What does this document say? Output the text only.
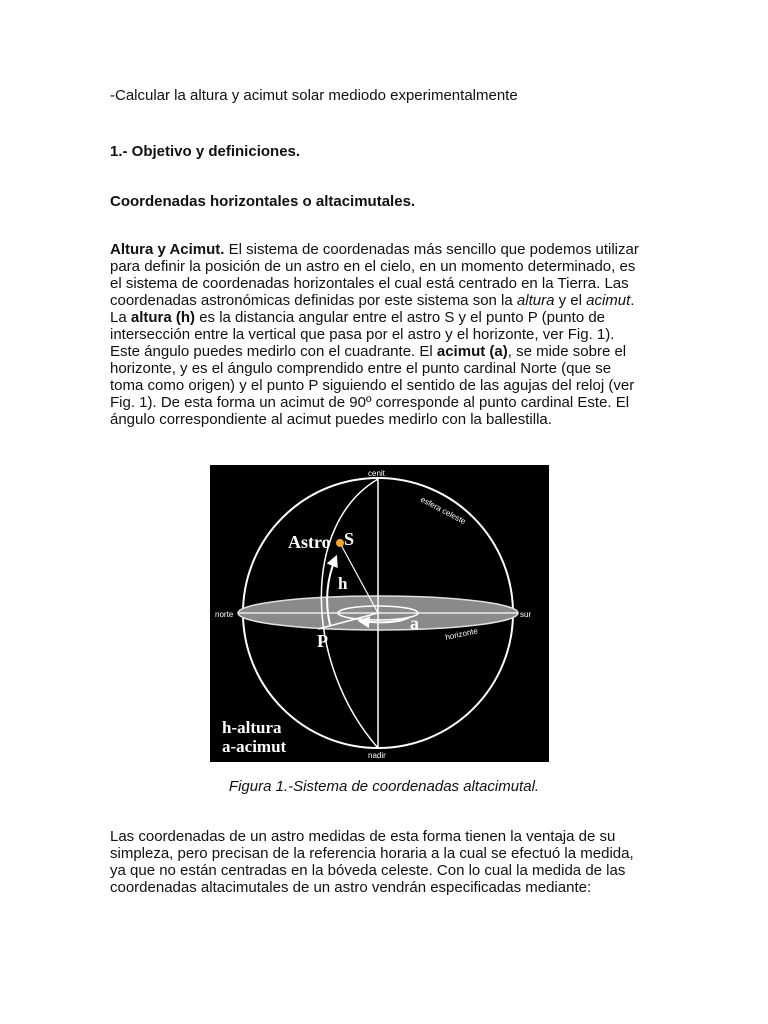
-Calcular la altura y acimut solar mediodo experimentalmente
1.- Objetivo y definiciones.
Coordenadas horizontales o altacimutales.
Altura y Acimut. El sistema de coordenadas más sencillo que podemos utilizar
para definir la posición de un astro en el cielo, en un momento determinado, es
el sistema de coordenadas horizontales el cual está centrado en la Tierra. Las
coordenadas astronómicas definidas por este sistema son la altura y el acimut.
La altura (h) es la distancia angular entre el astro S y el punto P (punto de
intersección entre la vertical que pasa por el astro y el horizonte, ver Fig. 1).
Este ángulo puedes medirlo con el cuadrante. El acimut (a), se mide sobre el
horizonte, y es el ángulo comprendido entre el punto cardinal Norte (que se
toma como origen) y el punto P siguiendo el sentido de las agujas del reloj (ver
Fig. 1). De esta forma un acimut de 90º corresponde al punto cardinal Este. El
ángulo correspondiente al acimut puedes medirlo con la ballestilla.
Las coordenadas de un astro medidas de esta forma tienen la ventaja de su
simpleza, pero precisan de la referencia horaria a la cual se efectuó la medida,
ya que no están centradas en la bóveda celeste. Con lo cual la medida de las
coordenadas altacimutales de un astro vendrán especificadas mediante:
cenit
esfera celeste
Astro S
h
norte	sur
a
P	horizonte
h-altura
a-acimut	nadir
Figura 1.-Sistema de coordenadas altacimutal.
